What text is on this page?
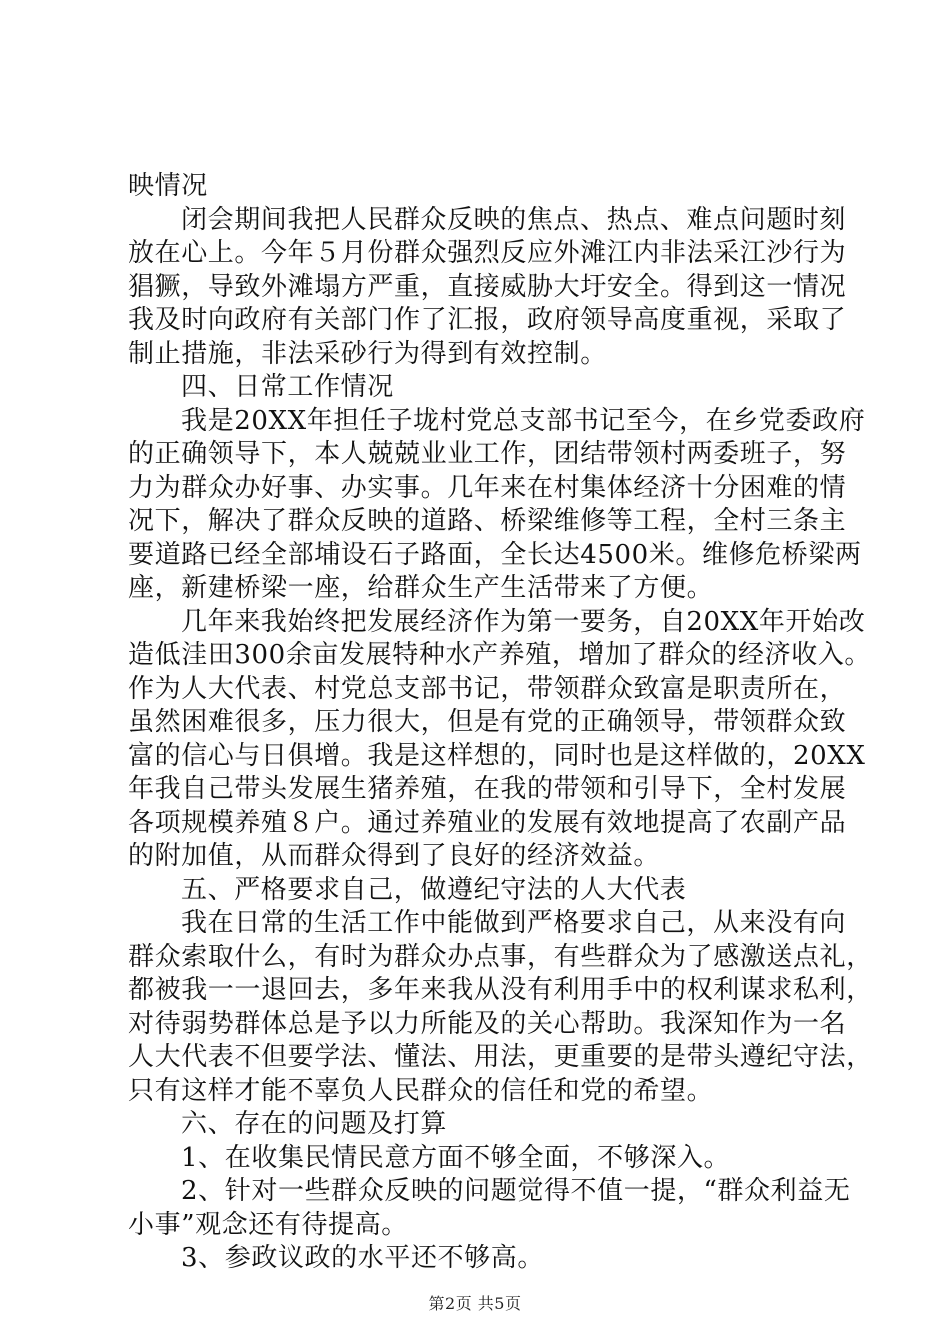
映情况
闭会期间我把人民群众反映的焦点、热点、难点问题时刻
放在心上。今年５月份群众强烈反应外滩江内非法采江沙行为
猖獗，导致外滩塌方严重，直接威胁大圩安全。得到这一情况
我及时向政府有关部门作了汇报，政府领导高度重视，采取了
制止措施，非法采砂行为得到有效控制。
四、日常工作情况
我是20XX年担任子垅村党总支部书记至今，在乡党委政府
的正确领导下，本人兢兢业业工作，团结带领村两委班子，努
力为群众办好事、办实事。几年来在村集体经济十分困难的情
况下，解决了群众反映的道路、桥梁维修等工程，全村三条主
要道路已经全部埔设石子路面，全长达4500米。维修危桥梁两
座，新建桥梁一座，给群众生产生活带来了方便。
几年来我始终把发展经济作为第一要务，自20XX年开始改
造低洼田300余亩发展特种水产养殖，增加了群众的经济收入。
作为人大代表、村党总支部书记，带领群众致富是职责所在，
虽然困难很多，压力很大，但是有党的正确领导，带领群众致
富的信心与日俱增。我是这样想的，同时也是这样做的，20XX
年我自己带头发展生猪养殖，在我的带领和引导下，全村发展
各项规模养殖８户。通过养殖业的发展有效地提高了农副产品
的附加值，从而群众得到了良好的经济效益。
五、严格要求自己，做遵纪守法的人大代表
我在日常的生活工作中能做到严格要求自己，从来没有向
群众索取什么，有时为群众办点事，有些群众为了感激送点礼，
都被我一一退回去，多年来我从没有利用手中的权利谋求私利，
对待弱势群体总是予以力所能及的关心帮助。我深知作为一名
人大代表不但要学法、懂法、用法，更重要的是带头遵纪守法，
只有这样才能不辜负人民群众的信任和党的希望。
六、存在的问题及打算
1、在收集民情民意方面不够全面，不够深入。
2、针对一些群众反映的问题觉得不值一提，“群众利益无
小事”观念还有待提高。
3、参政议政的水平还不够高。
第2页 共5页
